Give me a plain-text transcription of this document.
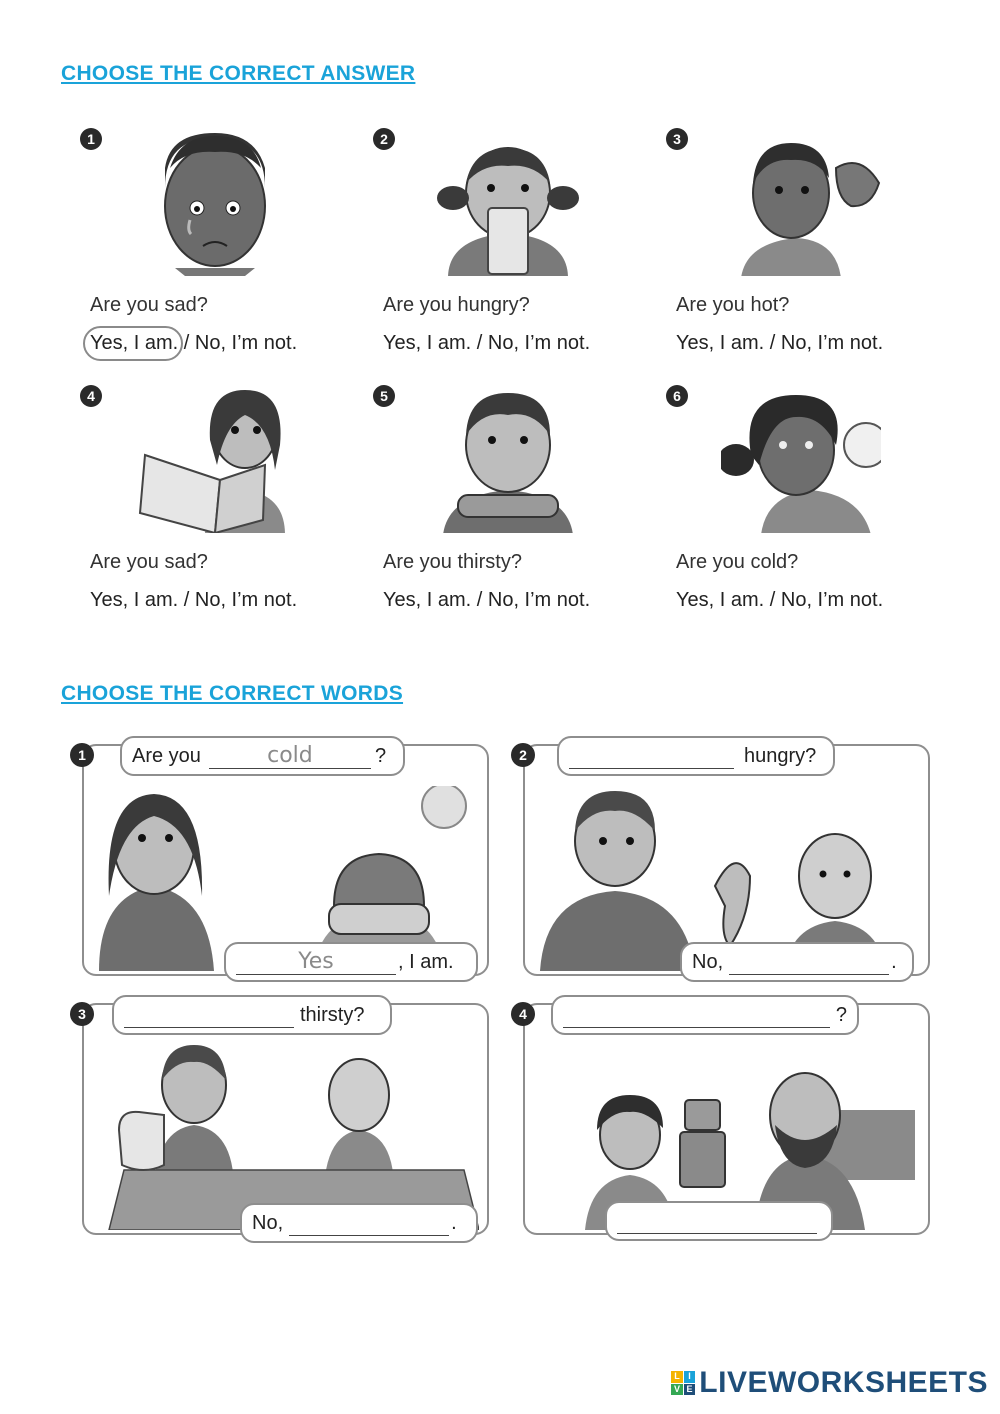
CHOOSE THE CORRECT ANSWER
1
Are you sad?
Yes, I am. / No, I’m not.
2
Are you hungry?
Yes, I am. / No, I’m not.
3
Are you hot?
Yes, I am. / No, I’m not.
4
Are you sad?
Yes, I am. / No, I’m not.
5
Are you thirsty?
Yes, I am. / No, I’m not.
6
Are you cold?
Yes, I am. / No, I’m not.
CHOOSE THE CORRECT WORDS
Are you	cold	?
Yes	, I am.
1	hungry?
No,	.
2
thirsty?
No,	.
3	?
4
L I
V E LIVEWORKSHEETS
